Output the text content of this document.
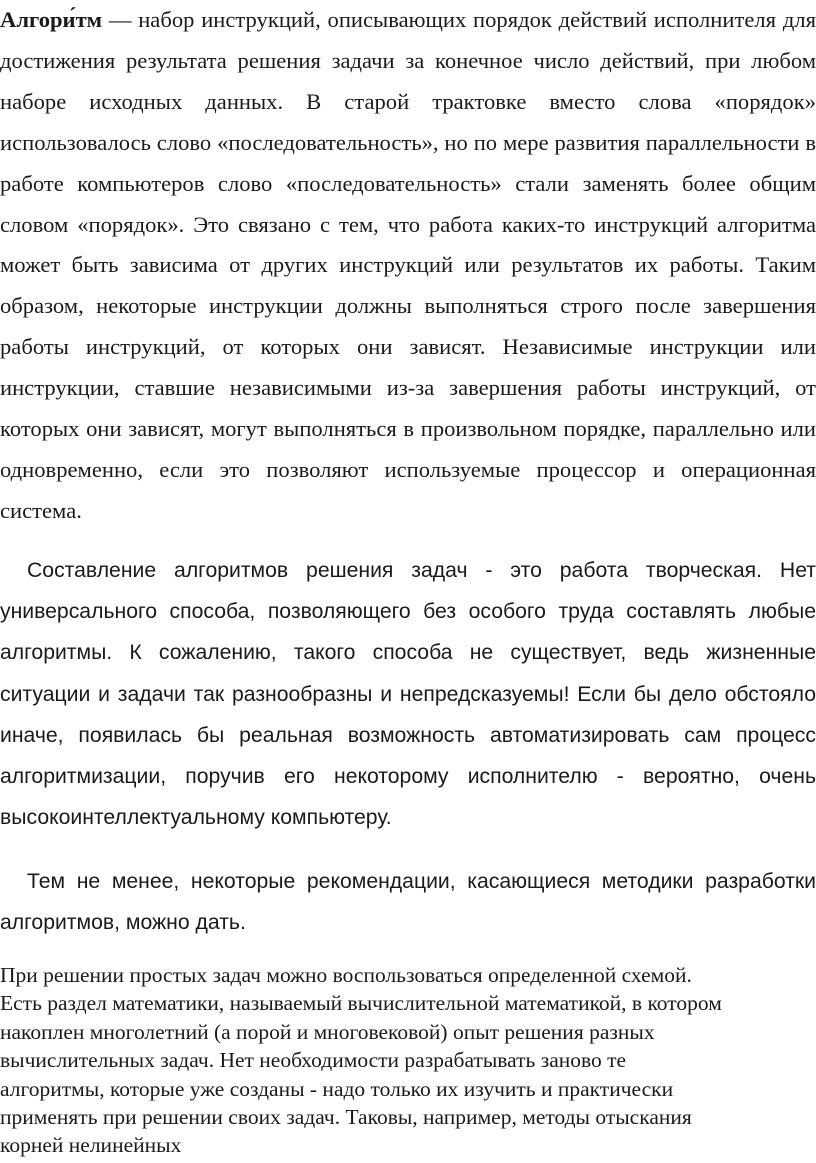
Алгори́тм — набор инструкций, описывающих порядок действий исполнителя для достижения результата решения задачи за конечное число действий, при любом наборе исходных данных. В старой трактовке вместо слова «порядок» использовалось слово «последовательность», но по мере развития параллельности в работе компьютеров слово «последовательность» стали заменять более общим словом «порядок». Это связано с тем, что работа каких-то инструкций алгоритма может быть зависима от других инструкций или результатов их работы. Таким образом, некоторые инструкции должны выполняться строго после завершения работы инструкций, от которых они зависят. Независимые инструкции или инструкции, ставшие независимыми из-за завершения работы инструкций, от которых они зависят, могут выполняться в произвольном порядке, параллельно или одновременно, если это позволяют используемые процессор и операционная система.

Составление алгоритмов решения задач - это работа творческая. Нет универсального способа, позволяющего без особого труда составлять любые алгоритмы. К сожалению, такого способа не существует, ведь жизненные ситуации и задачи так разнообразны и непредсказуемы! Если бы дело обстояло иначе, появилась бы реальная возможность автоматизировать сам процесс алгоритмизации, поручив его некоторому исполнителю - вероятно, очень высокоинтеллектуальному компьютеру.

Тем не менее, некоторые рекомендации, касающиеся методики разработки алгоритмов, можно дать.

При решении простых задач можно воспользоваться определенной схемой.
Есть раздел математики, называемый вычислительной математикой, в котором
накоплен многолетний (а порой и многовековой) опыт решения разных
вычислительных задач. Нет необходимости разрабатывать заново те
алгоритмы, которые уже созданы - надо только их изучить и практически
применять при решении своих задач. Таковы, например, методы отыскания
корней нелинейных
